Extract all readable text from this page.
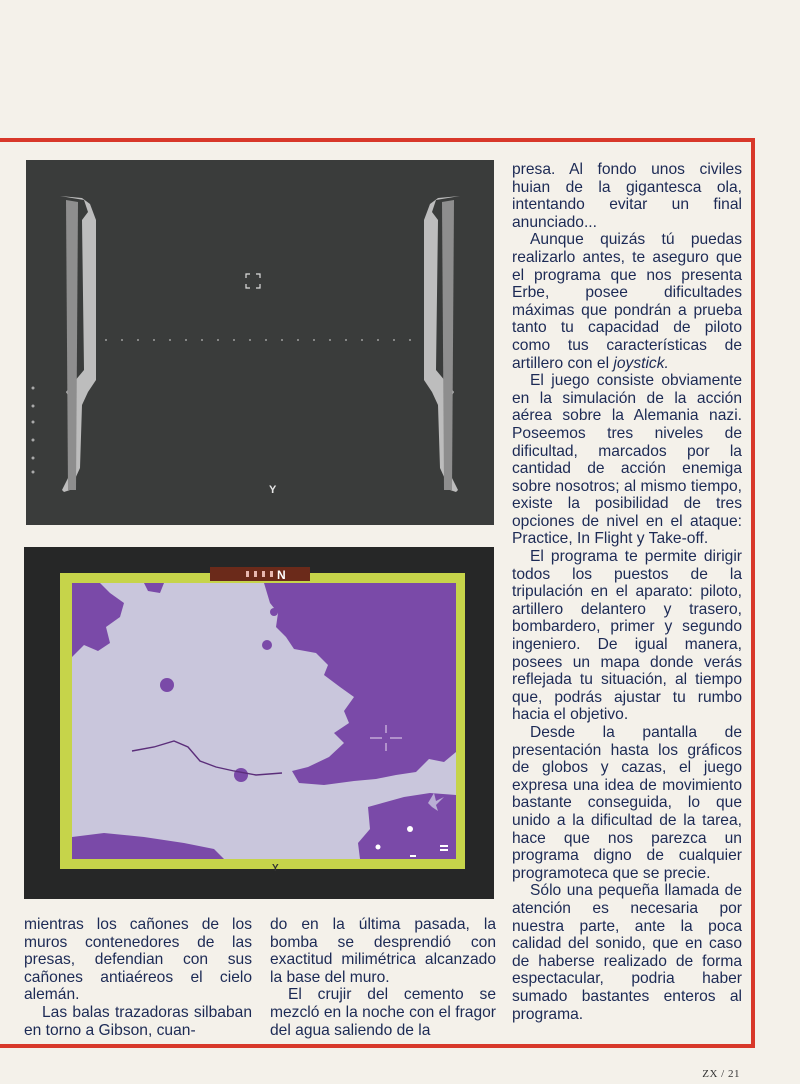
Y
N
Y

presa. Al fondo unos civiles huian de la gigantesca ola, intentando evitar un final anunciado...

Aunque quizás tú puedas realizarlo antes, te aseguro que el programa que nos presenta Erbe, posee dificultades máximas que pondrán a prueba tanto tu capacidad de piloto como tus características de artillero con el joystick.

El juego consiste obviamente en la simulación de la acción aérea sobre la Alemania nazi. Poseemos tres niveles de dificultad, marcados por la cantidad de acción enemiga sobre nosotros; al mismo tiempo, existe la posibilidad de tres opciones de nivel en el ataque: Practice, In Flight y Take-off.

El programa te permite dirigir todos los puestos de la tripulación en el aparato: piloto, artillero delantero y trasero, bombardero, primer y segundo ingeniero. De igual manera, posees un mapa donde verás reflejada tu situación, al tiempo que, podrás ajustar tu rumbo hacia el objetivo.

Desde la pantalla de presentación hasta los gráficos de globos y cazas, el juego expresa una idea de movimiento bastante conseguida, lo que unido a la dificultad de la tarea, hace que nos parezca un programa digno de cualquier programoteca que se precie.

Sólo una pequeña llamada de atención es necesaria por nuestra parte, ante la poca calidad del sonido, que en caso de haberse realizado de forma espectacular, podria haber sumado bastantes enteros al programa.

mientras los cañones de los muros contenedores de las presas, defendian con sus cañones antiaéreos el cielo alemán.

Las balas trazadoras silbaban en torno a Gibson, cuan-

do en la última pasada, la bomba se desprendió con exactitud milimétrica alcanzado la base del muro.

El crujir del cemento se mezcló en la noche con el fragor del agua saliendo de la

ZX / 21
